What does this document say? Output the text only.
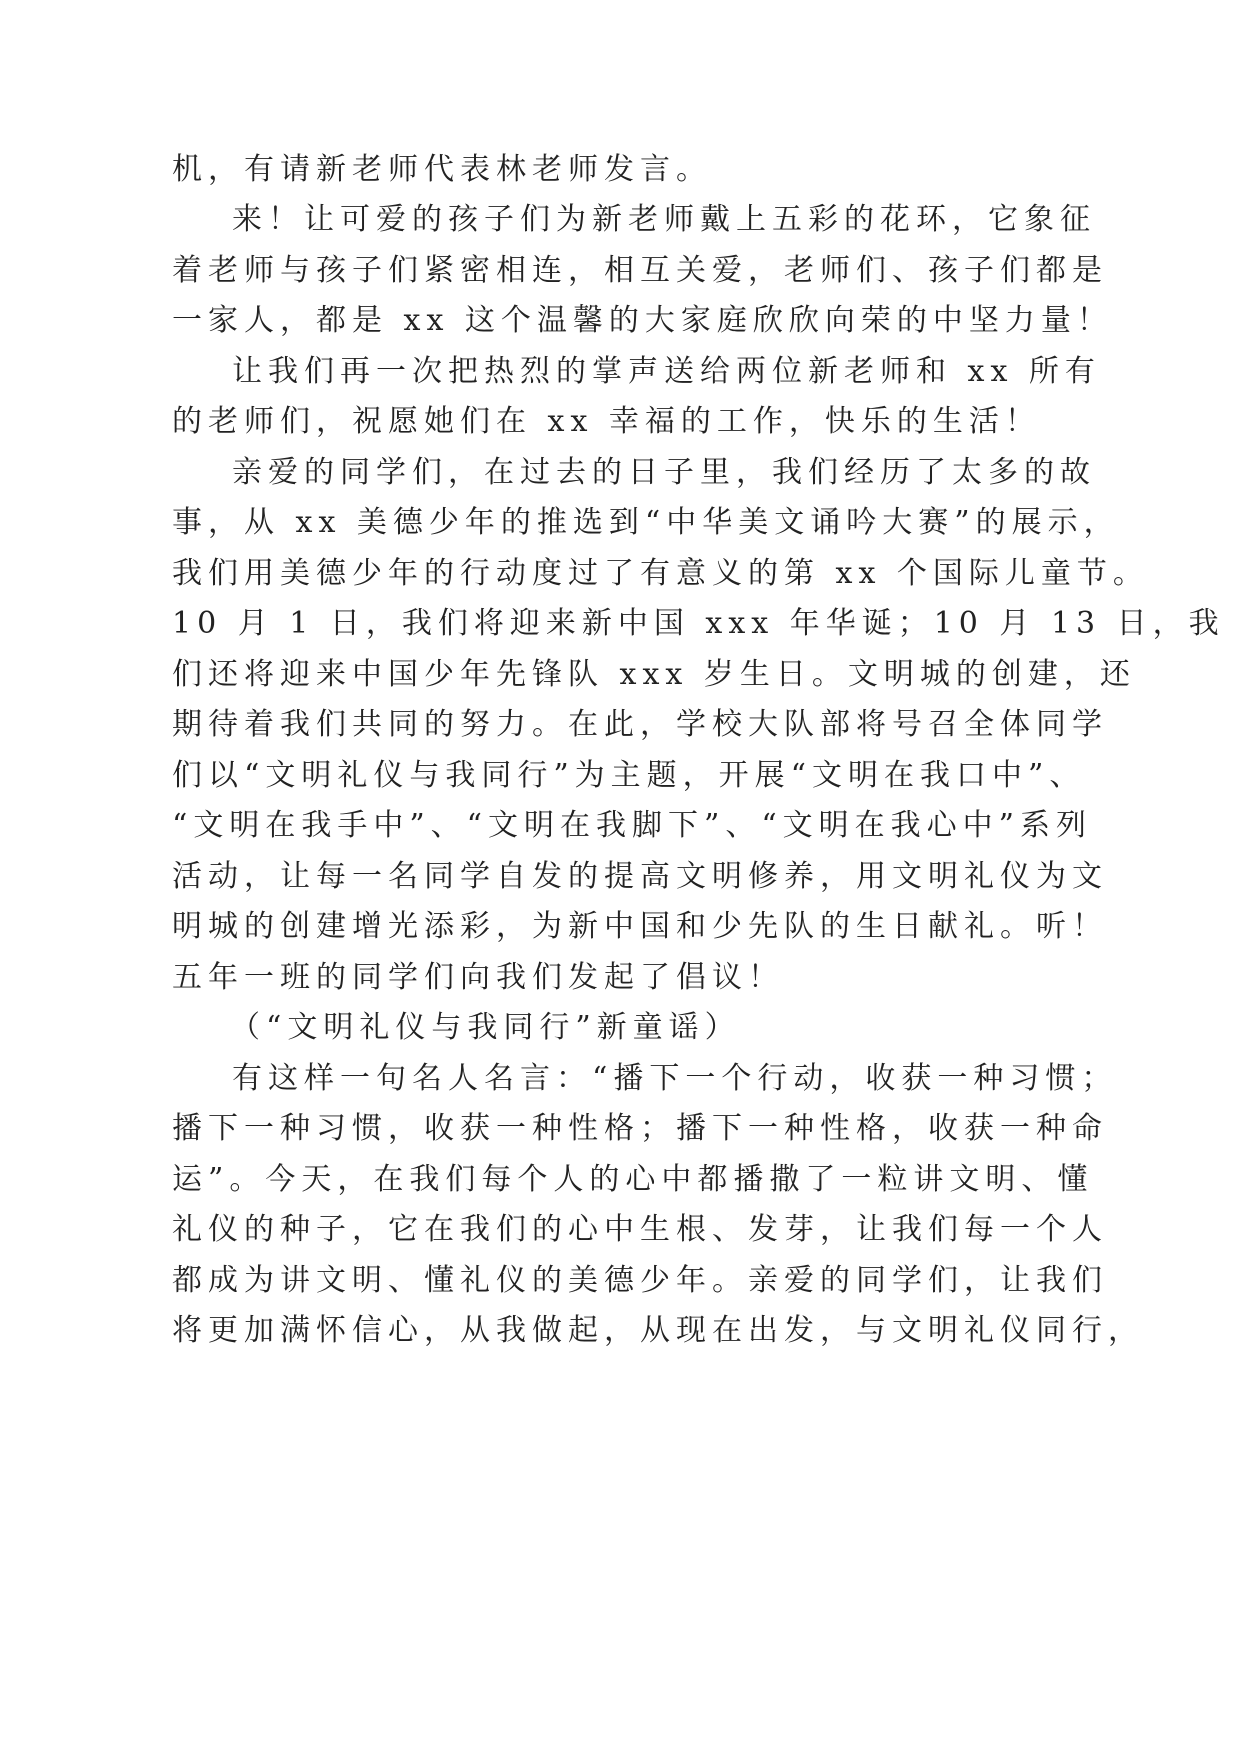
机，有请新老师代表林老师发言。
来！让可爱的孩子们为新老师戴上五彩的花环，它象征
着老师与孩子们紧密相连，相互关爱，老师们、孩子们都是
一家人，都是 xx 这个温馨的大家庭欣欣向荣的中坚力量！
让我们再一次把热烈的掌声送给两位新老师和 xx 所有
的老师们，祝愿她们在 xx 幸福的工作，快乐的生活！
亲爱的同学们，在过去的日子里，我们经历了太多的故
事，从 xx 美德少年的推选到“中华美文诵吟大赛”的展示，
我们用美德少年的行动度过了有意义的第 xx 个国际儿童节。
10 月 1 日，我们将迎来新中国 xxx 年华诞；10 月 13 日，我
们还将迎来中国少年先锋队 xxx 岁生日。文明城的创建，还
期待着我们共同的努力。在此，学校大队部将号召全体同学
们以“文明礼仪与我同行”为主题，开展“文明在我口中”、
“文明在我手中”、“文明在我脚下”、“文明在我心中”系列
活动，让每一名同学自发的提高文明修养，用文明礼仪为文
明城的创建增光添彩，为新中国和少先队的生日献礼。听！
五年一班的同学们向我们发起了倡议！
（“文明礼仪与我同行”新童谣）
有这样一句名人名言：“播下一个行动，收获一种习惯；
播下一种习惯，收获一种性格；播下一种性格，收获一种命
运”。今天，在我们每个人的心中都播撒了一粒讲文明、懂
礼仪的种子，它在我们的心中生根、发芽，让我们每一个人
都成为讲文明、懂礼仪的美德少年。亲爱的同学们，让我们
将更加满怀信心，从我做起，从现在出发，与文明礼仪同行，
